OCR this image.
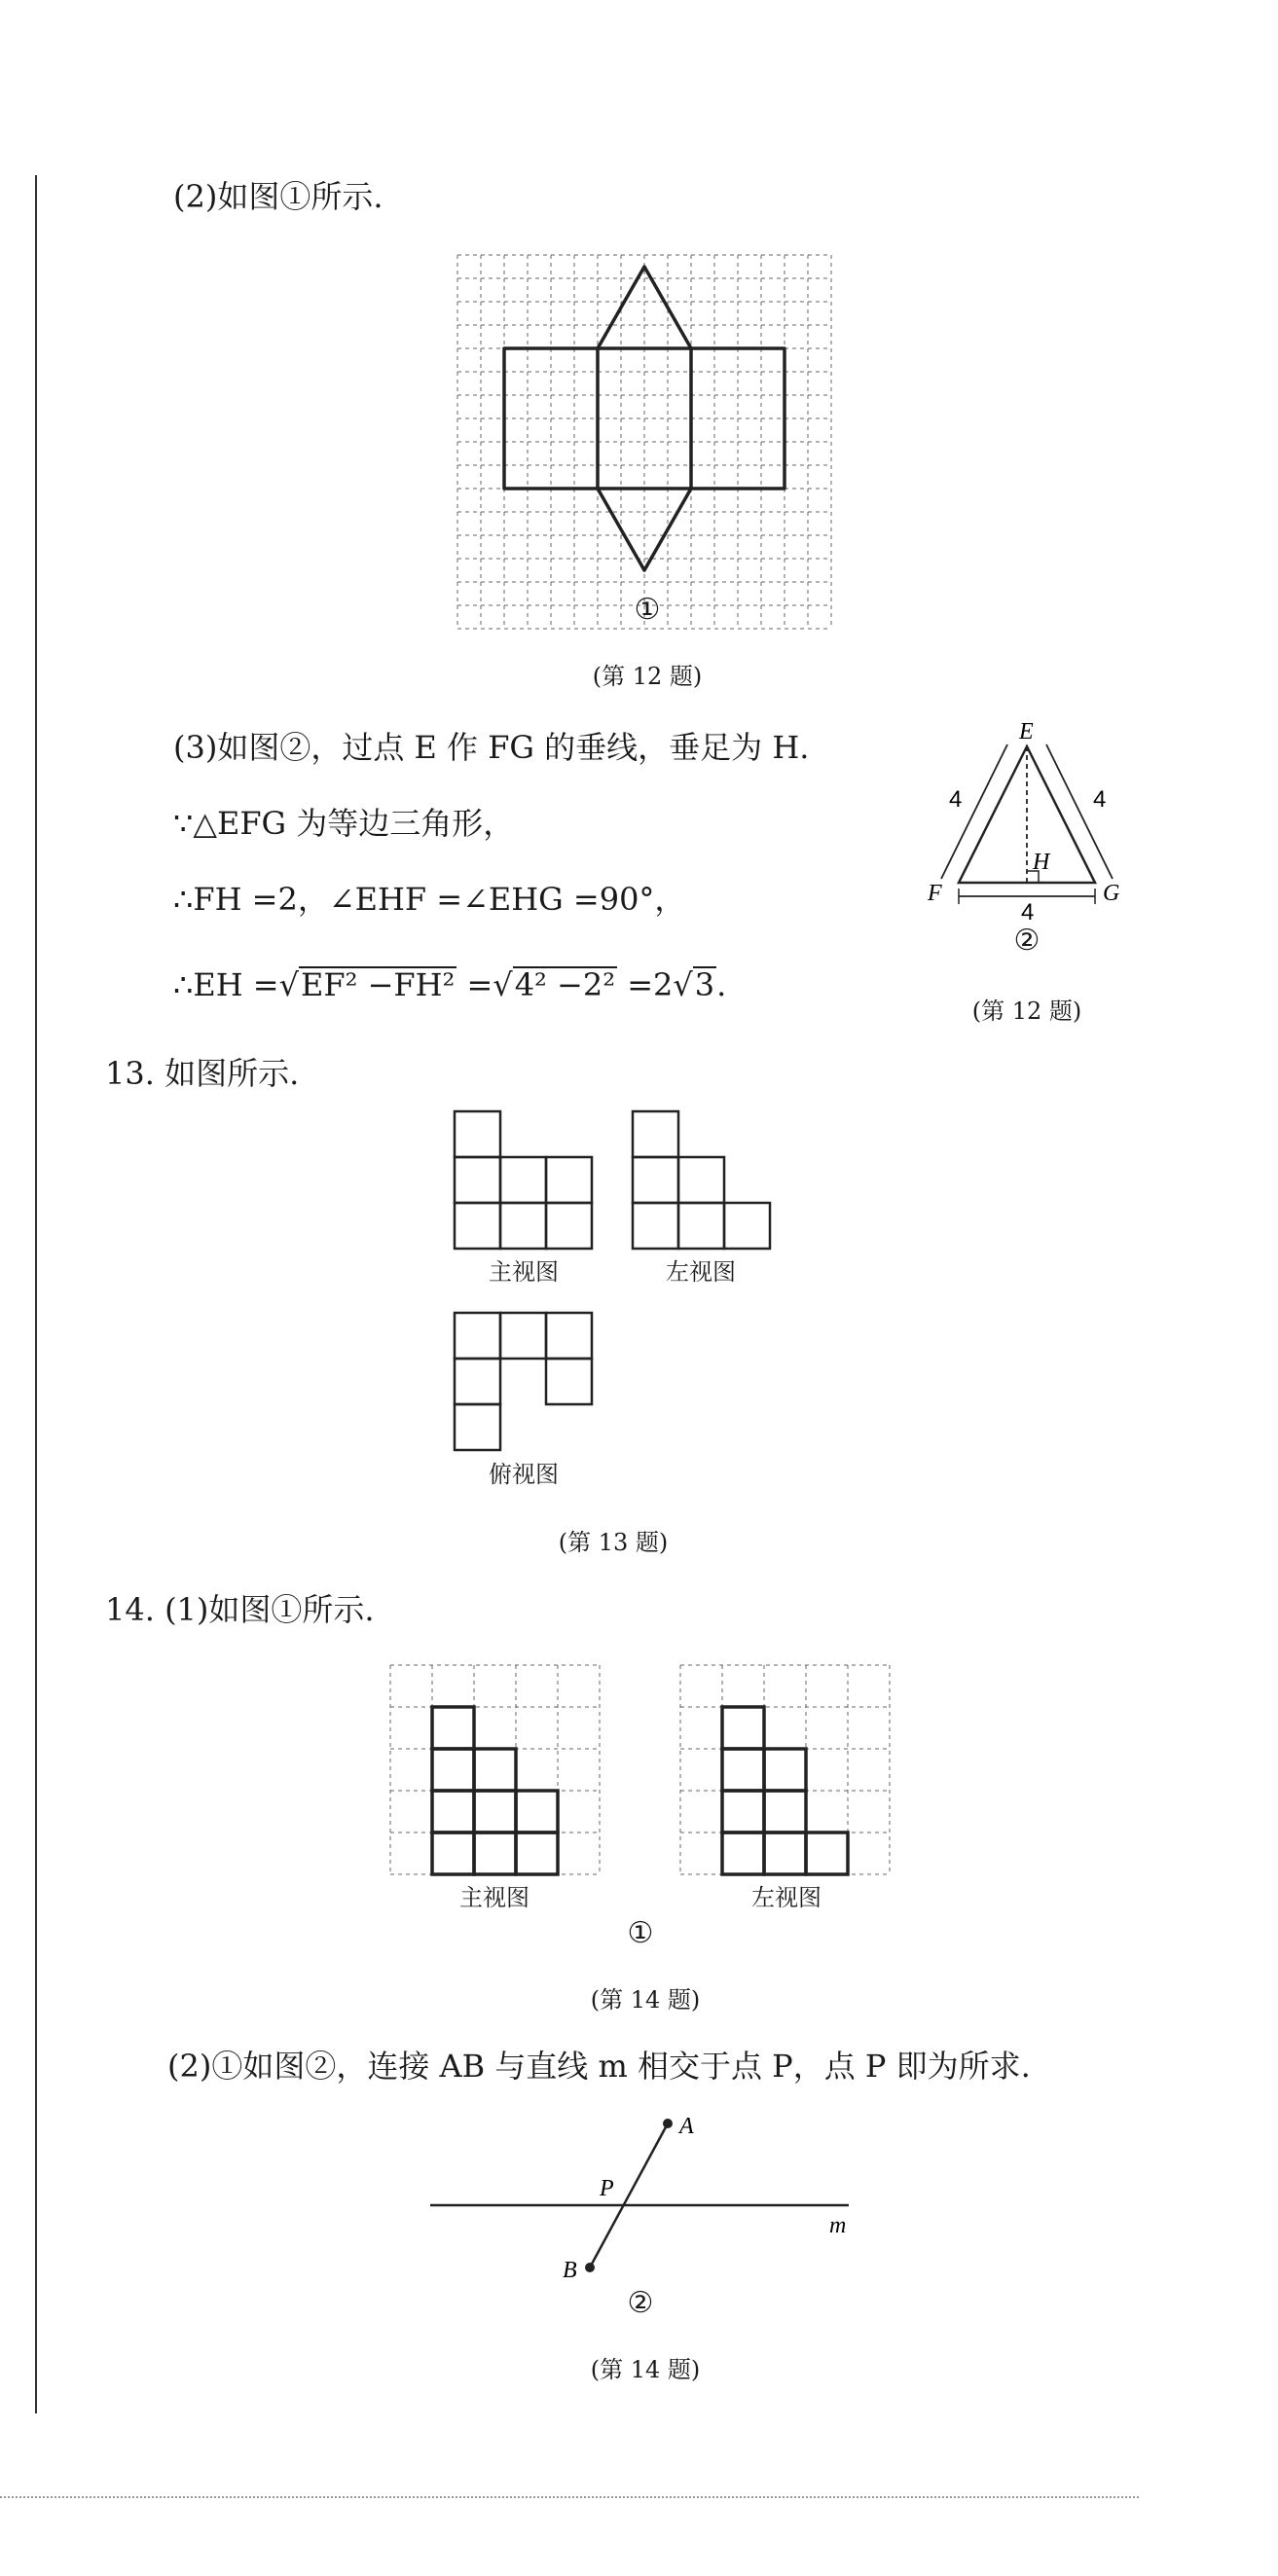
(2)如图①所示.
①
(第 12 题)
(3)如图②，过点 E 作 FG 的垂线，垂足为 H.
∵△EFG 为等边三角形，
∴FH =2，∠EHF =∠EHG =90°，
∴EH =√EF² −FH² =√4² −2² =2√3.
E
F	G
H
4	4
4
②
(第 12 题)
13. 如图所示.
主视图	左视图
俯视图
(第 13 题)
14. (1)如图①所示.
主视图	左视图
①
(第 14 题)
(2)①如图②，连接 AB 与直线 m 相交于点 P，点 P 即为所求.
A
B
P
m
②
(第 14 题)
